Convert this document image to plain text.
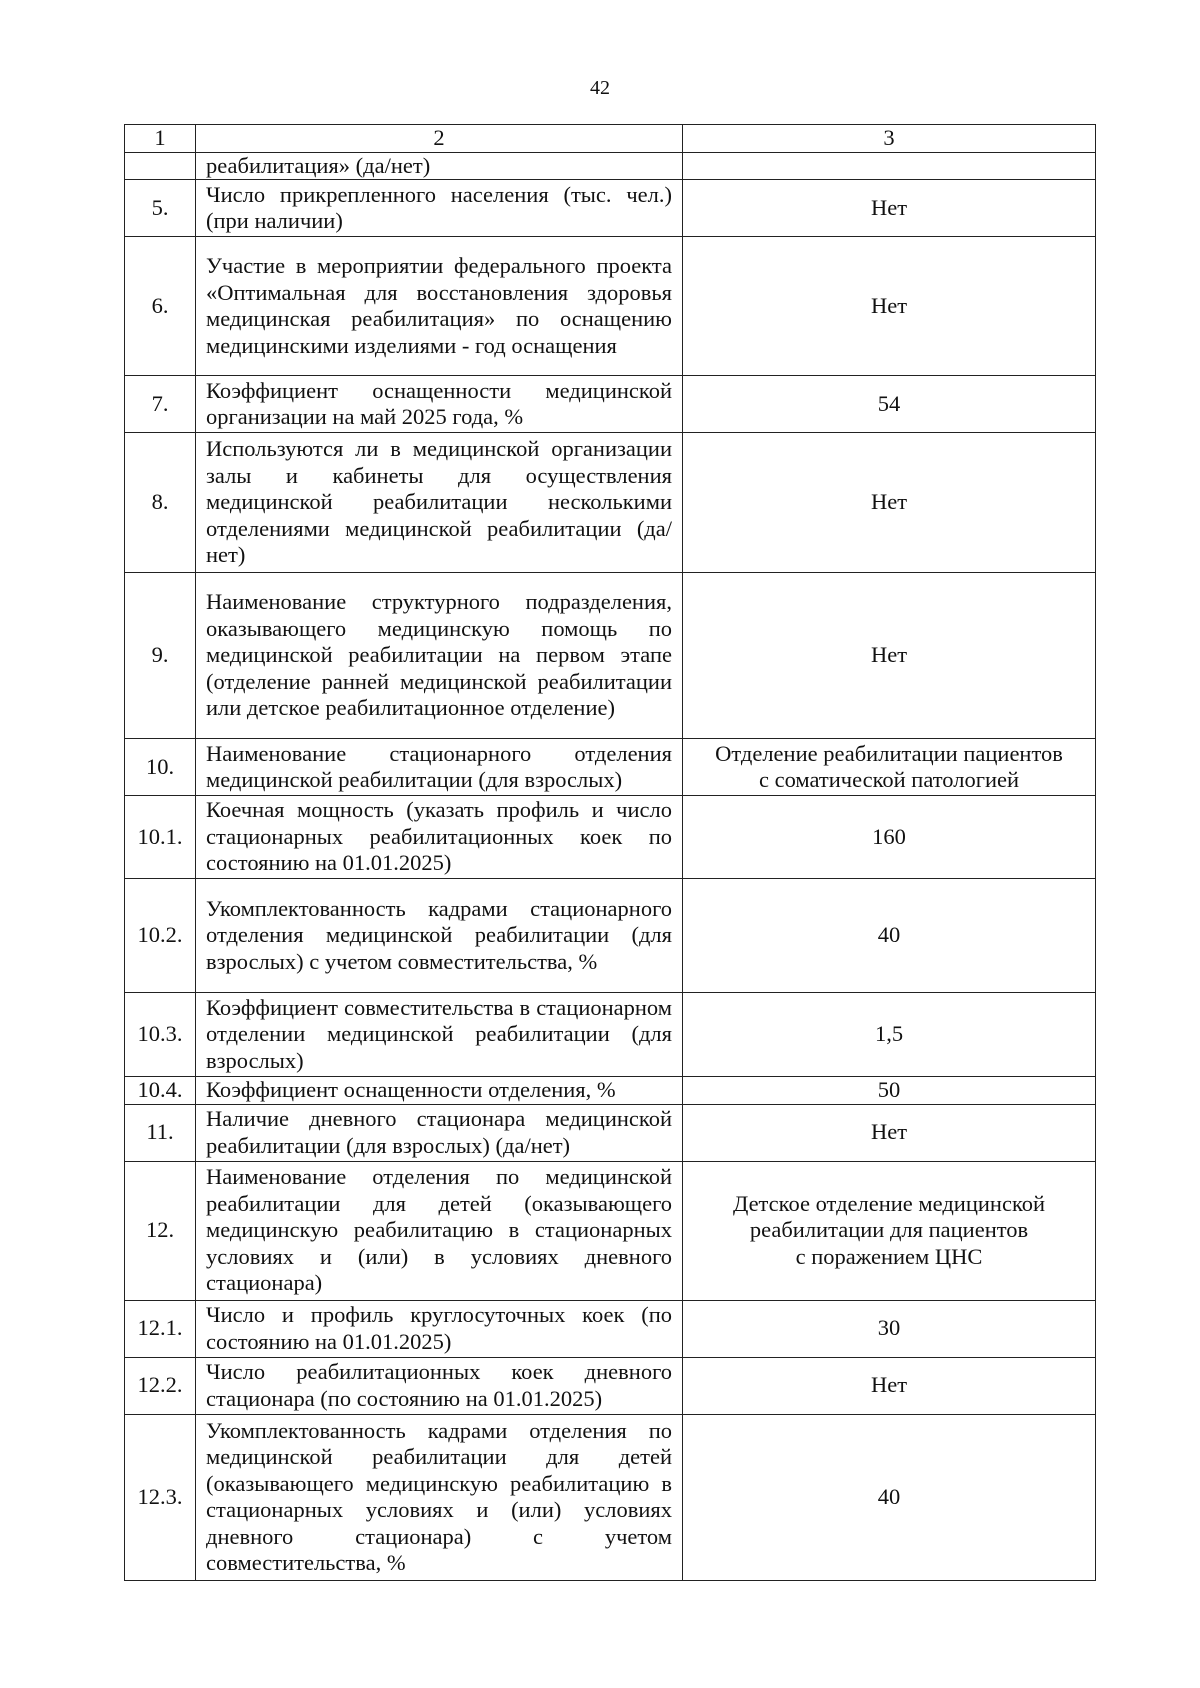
42
1	2	3
	реабилитация» (да/нет)	
5.	Число прикрепленного населения (тыс. чел.) (при наличии)	Нет
6.	Участие в мероприятии федерального проекта «Оптимальная для восстановления здоровья медицинская реабилитация» по оснащению медицинскими изделиями - год оснащения	Нет
7.	Коэффициент оснащенности медицинской организации на май 2025 года, %	54
8.	Используются ли в медицинской организации залы и кабинеты для осуществления медицинской реабилитации несколькими отделениями медицинской реабилитации (да/нет)	Нет
9.	Наименование структурного подразделения, оказывающего медицинскую помощь по медицинской реабилитации на первом этапе (отделение ранней медицинской реабилитации или детское реабилитационное отделение)	Нет
10.	Наименование стационарного отделения медицинской реабилитации (для взрослых)	Отделение реабилитации пациентов
с соматической патологией
10.1.	Коечная мощность (указать профиль и число стационарных реабилитационных коек по состоянию на 01.01.2025)	160
10.2.	Укомплектованность кадрами стационарного отделения медицинской реабилитации (для взрослых) с учетом совместительства, %	40
10.3.	Коэффициент совместительства в стационарном отделении медицинской реабилитации (для взрослых)	1,5
10.4.	Коэффициент оснащенности отделения, %	50
11.	Наличие дневного стационара медицинской реабилитации (для взрослых) (да/нет)	Нет
12.	Наименование отделения по медицинской реабилитации для детей (оказывающего медицинскую реабилитацию в стационарных условиях и (или) в условиях дневного стационара)	Детское отделение медицинской
реабилитации для пациентов
с поражением ЦНС
12.1.	Число и профиль круглосуточных коек (по состоянию на 01.01.2025)	30
12.2.	Число реабилитационных коек дневного стационара (по состоянию на 01.01.2025)	Нет
12.3.	Укомплектованность кадрами отделения по медицинской реабилитации для детей (оказывающего медицинскую реабилитацию в стационарных условиях и (или) условиях дневного стационара) с учетом совместительства, %	40
